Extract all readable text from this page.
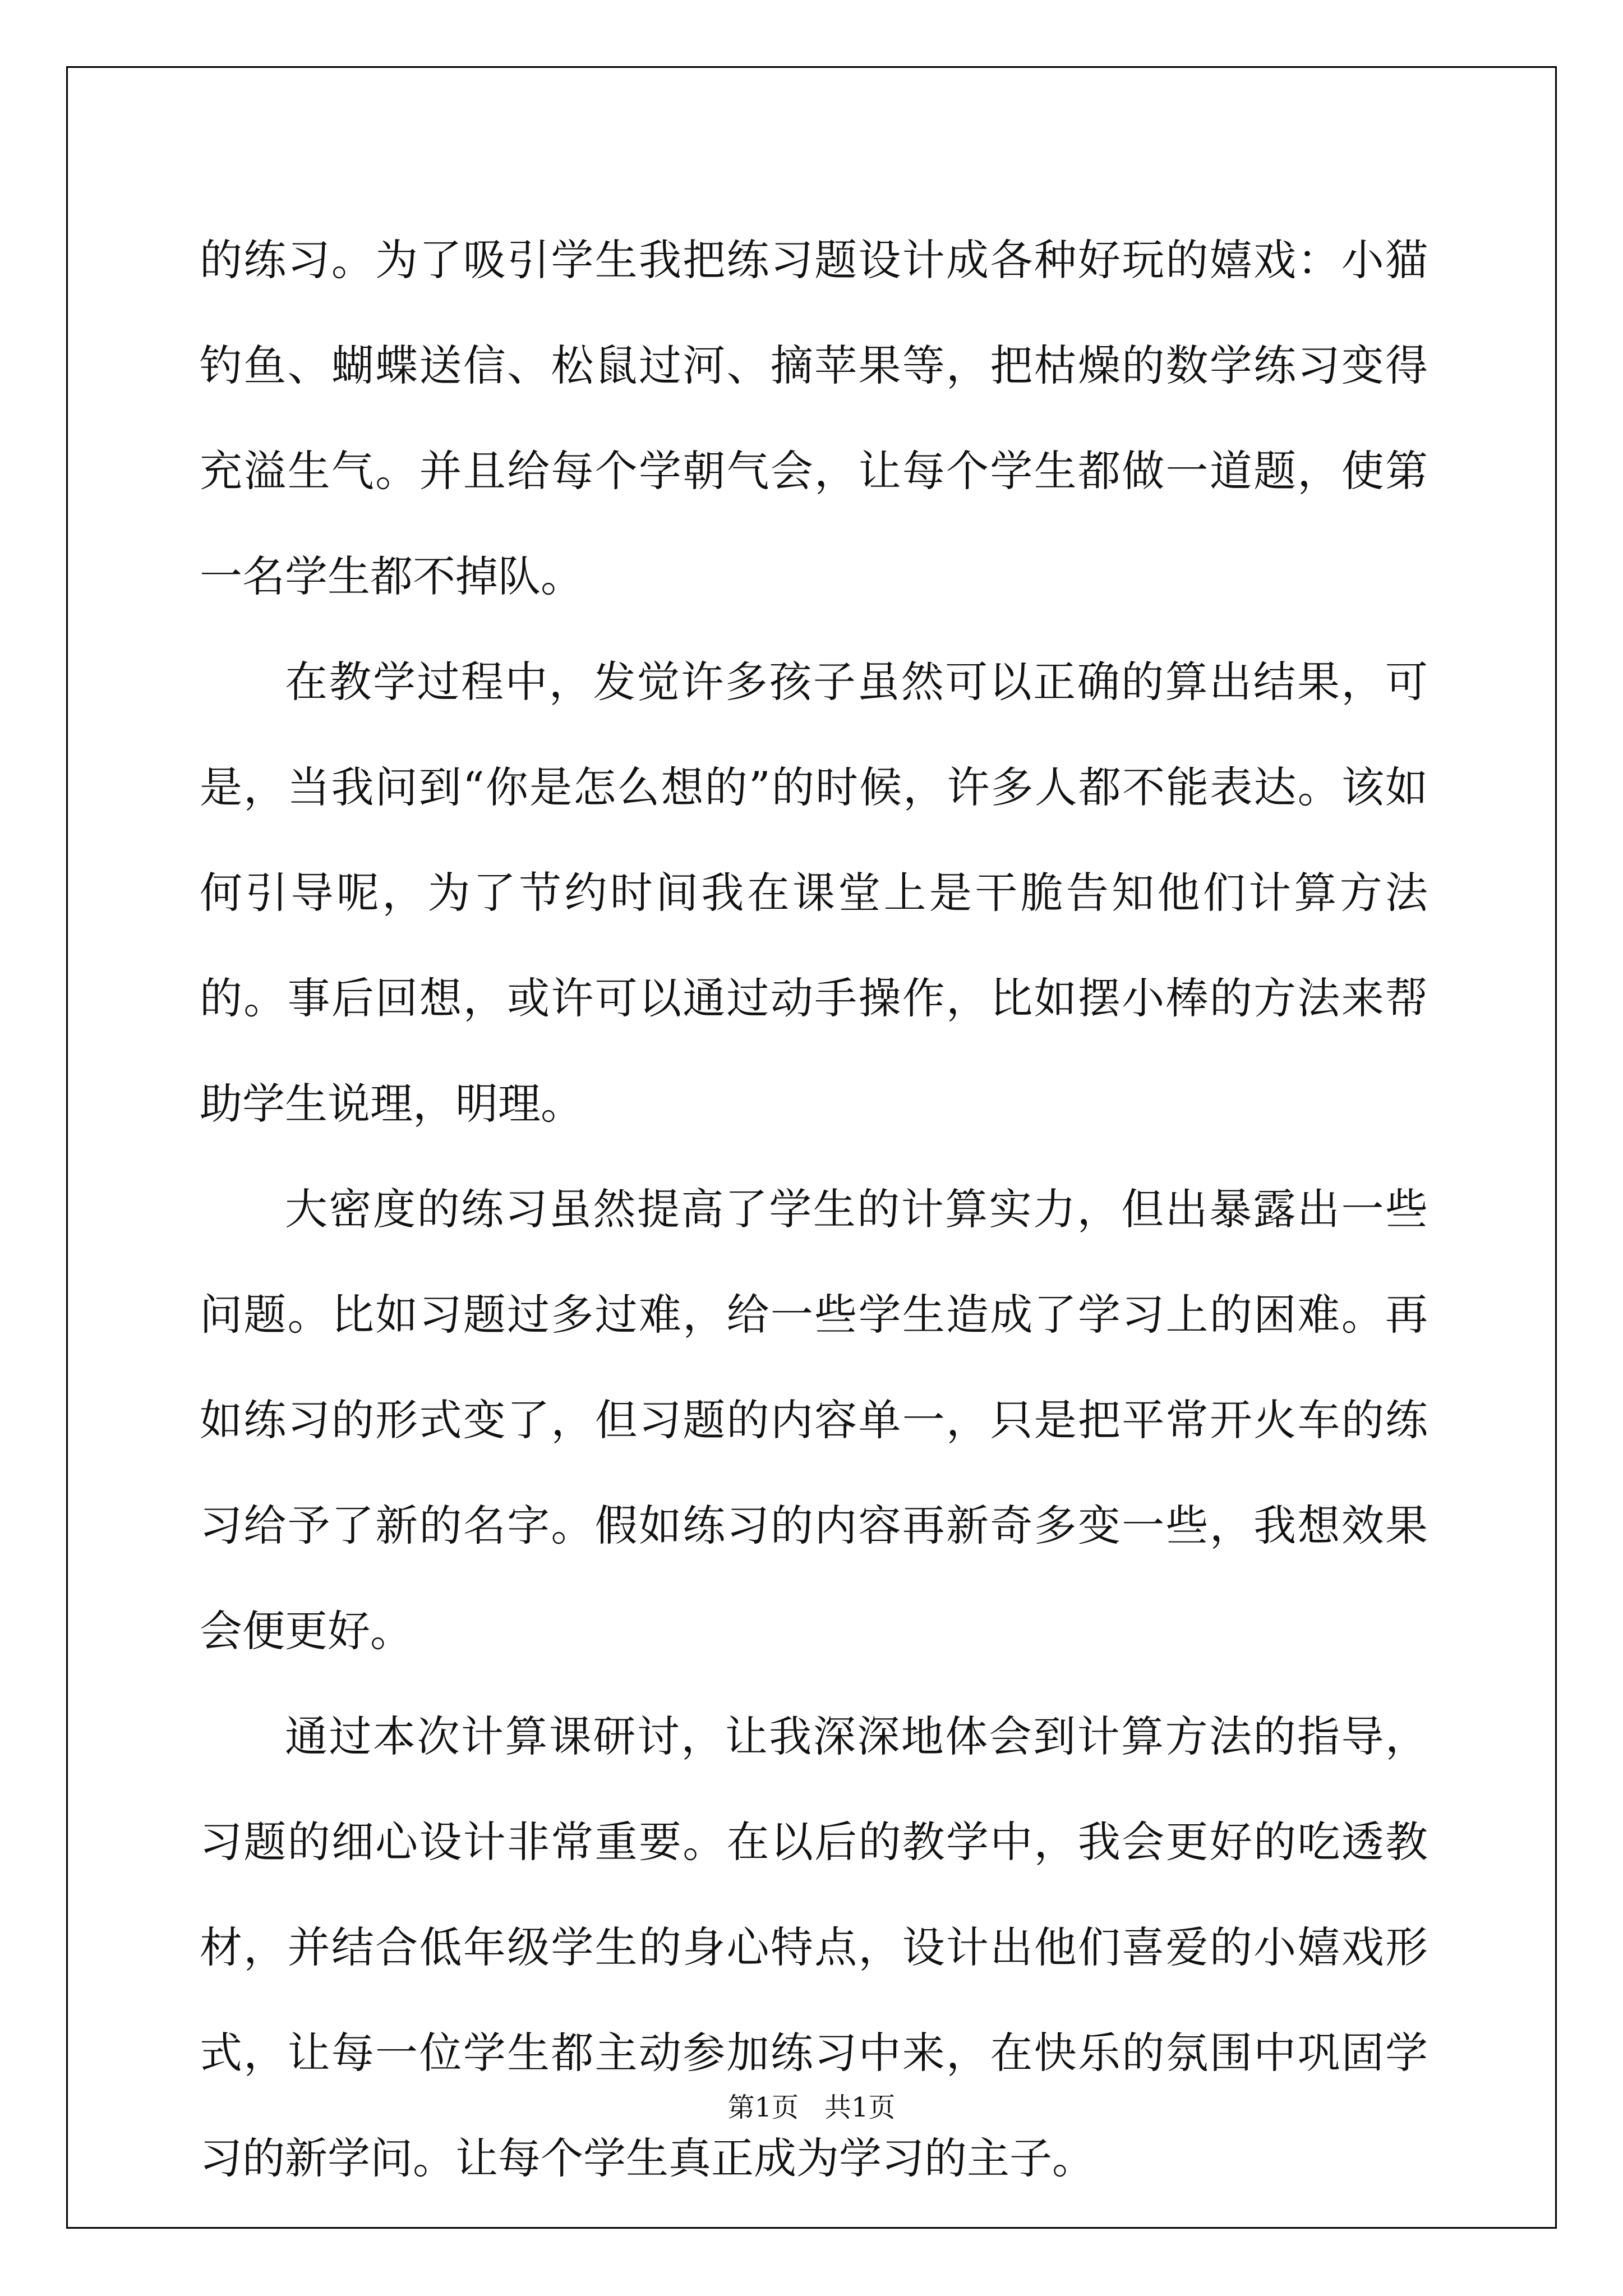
的练习。为了吸引学生我把练习题设计成各种好玩的嬉戏：小猫钓鱼、蝴蝶送信、松鼠过河、摘苹果等，把枯燥的数学练习变得充溢生气。并且给每个学朝气会，让每个学生都做一道题，使第一名学生都不掉队。

在教学过程中，发觉许多孩子虽然可以正确的算出结果，可是，当我问到“你是怎么想的”的时候，许多人都不能表达。该如何引导呢，为了节约时间我在课堂上是干脆告知他们计算方法的。事后回想，或许可以通过动手操作，比如摆小棒的方法来帮助学生说理，明理。

大密度的练习虽然提高了学生的计算实力，但出暴露出一些问题。比如习题过多过难，给一些学生造成了学习上的困难。再如练习的形式变了，但习题的内容单一，只是把平常开火车的练习给予了新的名字。假如练习的内容再新奇多变一些，我想效果会便更好。

通过本次计算课研讨，让我深深地体会到计算方法的指导，习题的细心设计非常重要。在以后的教学中，我会更好的吃透教材，并结合低年级学生的身心特点，设计出他们喜爱的小嬉戏形式，让每一位学生都主动参加练习中来，在快乐的氛围中巩固学习的新学问。让每个学生真正成为学习的主子。

第1页 共1页
